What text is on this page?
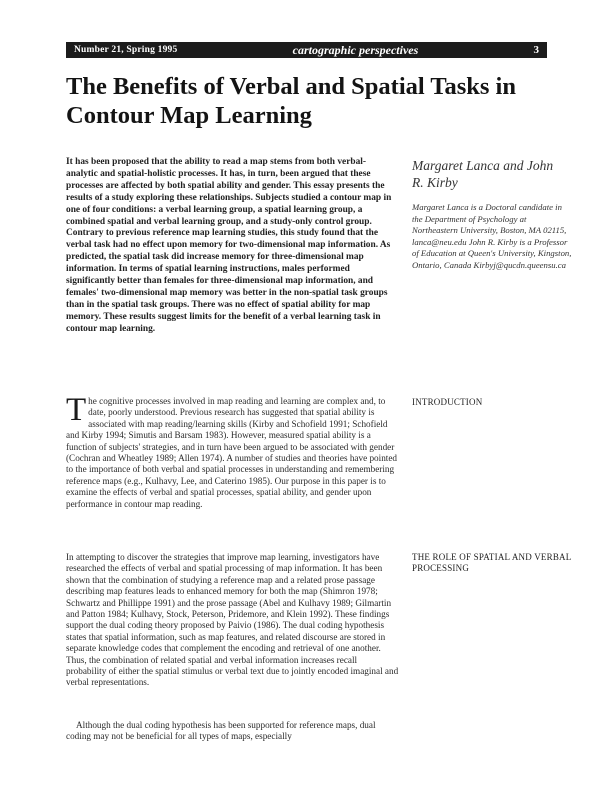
Number 21, Spring 1995	cartographic perspectives	3
The Benefits of Verbal and Spatial Tasks in Contour Map Learning

It has been proposed that the ability to read a map stems from both verbal-analytic and spatial-holistic processes. It has, in turn, been argued that these processes are affected by both spatial ability and gender. This essay presents the results of a study exploring these relationships. Subjects studied a contour map in one of four conditions: a verbal learning group, a spatial learning group, a combined spatial and verbal learning group, and a study-only control group. Contrary to previous reference map learning studies, this study found that the verbal task had no effect upon memory for two-dimensional map information. As predicted, the spatial task did increase memory for three-dimensional map information. In terms of spatial learning instructions, males performed significantly better than females for three-dimensional map information, and females' two-dimensional map memory was better in the non-spatial task groups than in the spatial task groups. There was no effect of spatial ability for map memory. These results suggest limits for the benefit of a verbal learning task in contour map learning.

Margaret Lanca and John R. Kirby

Margaret Lanca is a Doctoral candidate in the Department of Psychology at Northeastern University, Boston, MA 02115, lanca@neu.edu John R. Kirby is a Professor of Education at Queen's University, Kingston, Ontario, Canada Kirbyj@qucdn.queensu.ca

INTRODUCTION

The cognitive processes involved in map reading and learning are complex and, to date, poorly understood. Previous research has suggested that spatial ability is associated with map reading/learning skills (Kirby and Schofield 1991; Schofield and Kirby 1994; Simutis and Barsam 1983). However, measured spatial ability is a function of subjects' strategies, and in turn have been argued to be associated with gender (Cochran and Wheatley 1989; Allen 1974). A number of studies and theories have pointed to the importance of both verbal and spatial processes in understanding and remembering reference maps (e.g., Kulhavy, Lee, and Caterino 1985). Our purpose in this paper is to examine the effects of verbal and spatial processes, spatial ability, and gender upon performance in contour map reading.

THE ROLE OF SPATIAL AND VERBAL PROCESSING

In attempting to discover the strategies that improve map learning, investigators have researched the effects of verbal and spatial processing of map information. It has been shown that the combination of studying a reference map and a related prose passage describing map features leads to enhanced memory for both the map (Shimron 1978; Schwartz and Phillippe 1991) and the prose passage (Abel and Kulhavy 1989; Gilmartin and Patton 1984; Kulhavy, Stock, Peterson, Pridemore, and Klein 1992). These findings support the dual coding theory proposed by Paivio (1986). The dual coding hypothesis states that spatial information, such as map features, and related discourse are stored in separate knowledge codes that complement the encoding and retrieval of one another. Thus, the combination of related spatial and verbal information increases recall probability of either the spatial stimulus or verbal text due to jointly encoded imaginal and verbal representations.

Although the dual coding hypothesis has been supported for reference maps, dual coding may not be beneficial for all types of maps, especially
